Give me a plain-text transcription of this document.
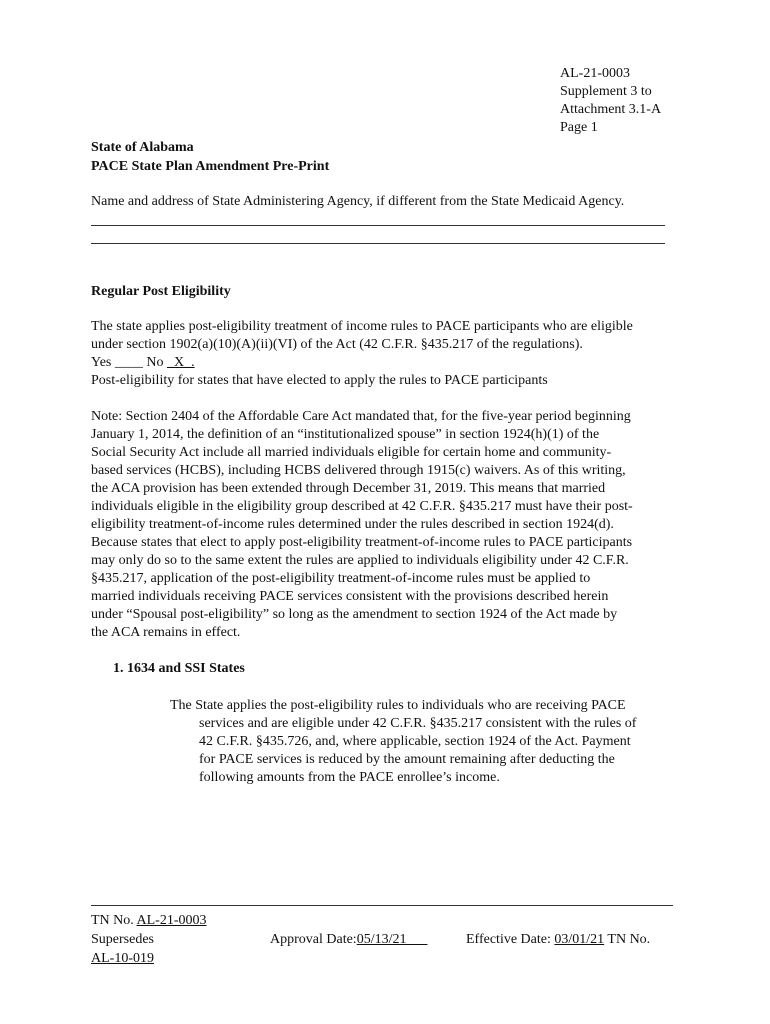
AL-21-0003
Supplement 3 to
Attachment 3.1-A
Page 1
State of Alabama
PACE State Plan Amendment Pre-Print
Name and address of State Administering Agency, if different from the State Medicaid Agency.
Regular Post Eligibility
The state applies post-eligibility treatment of income rules to PACE participants who are eligible
under section 1902(a)(10)(A)(ii)(VI) of the Act (42 C.F.R. §435.217 of the regulations).
Yes ____ No _X_.
Post-eligibility for states that have elected to apply the rules to PACE participants
Note: Section 2404 of the Affordable Care Act mandated that, for the five-year period beginning
January 1, 2014, the definition of an “institutionalized spouse” in section 1924(h)(1) of the
Social Security Act include all married individuals eligible for certain home and community-
based services (HCBS), including HCBS delivered through 1915(c) waivers. As of this writing,
the ACA provision has been extended through December 31, 2019. This means that married
individuals eligible in the eligibility group described at 42 C.F.R. §435.217 must have their post-
eligibility treatment-of-income rules determined under the rules described in section 1924(d).
Because states that elect to apply post-eligibility treatment-of-income rules to PACE participants
may only do so to the same extent the rules are applied to individuals eligibility under 42 C.F.R.
§435.217, application of the post-eligibility treatment-of-income rules must be applied to
married individuals receiving PACE services consistent with the provisions described herein
under “Spousal post-eligibility” so long as the amendment to section 1924 of the Act made by
the ACA remains in effect.
1. 1634 and SSI States
The State applies the post-eligibility rules to individuals who are receiving PACE
services and are eligible under 42 C.F.R. §435.217 consistent with the rules of
42 C.F.R. §435.726, and, where applicable, section 1924 of the Act. Payment
for PACE services is reduced by the amount remaining after deducting the
following amounts from the PACE enrollee’s income.
TN No. AL-21-0003
Supersedes	Approval Date:05/13/21	Effective Date: 03/01/21 TN No.
AL-10-019
